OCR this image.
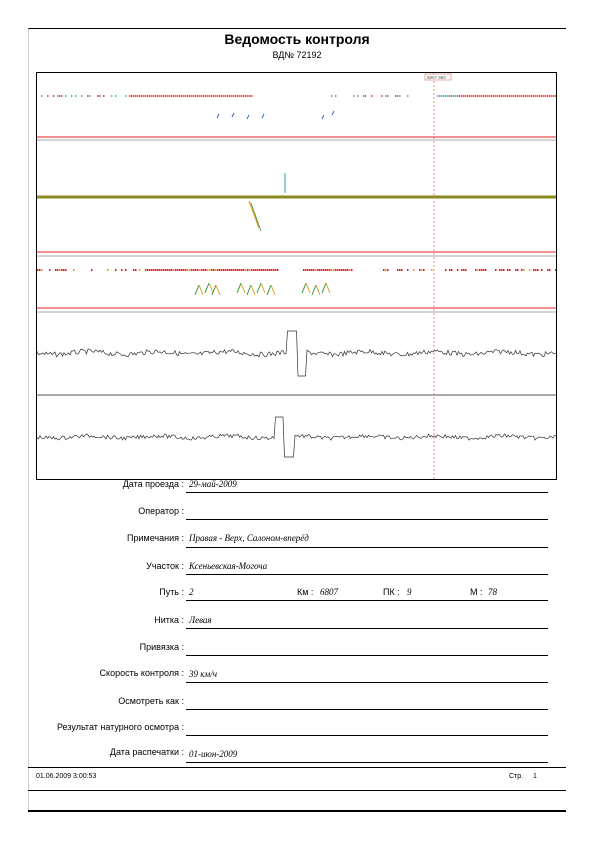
Ведомость контроля
ВД№ 72192
6807 680
Дата проезда : 29-май-2009
Оператор :
Примечания : Правая - Верх, Салоном-вперёд
Участок : Ксеньевская-Могоча
Путь : 2	Км : 6807	ПК : 9	М : 78
Нитка : Левая
Привязка :
Скорость контроля : 39 км/ч
Осмотреть как :
Результат натурного осмотра :
Дата распечатки : 01-июн-2009
01.06.2009 3:00:53	Стр. 1
